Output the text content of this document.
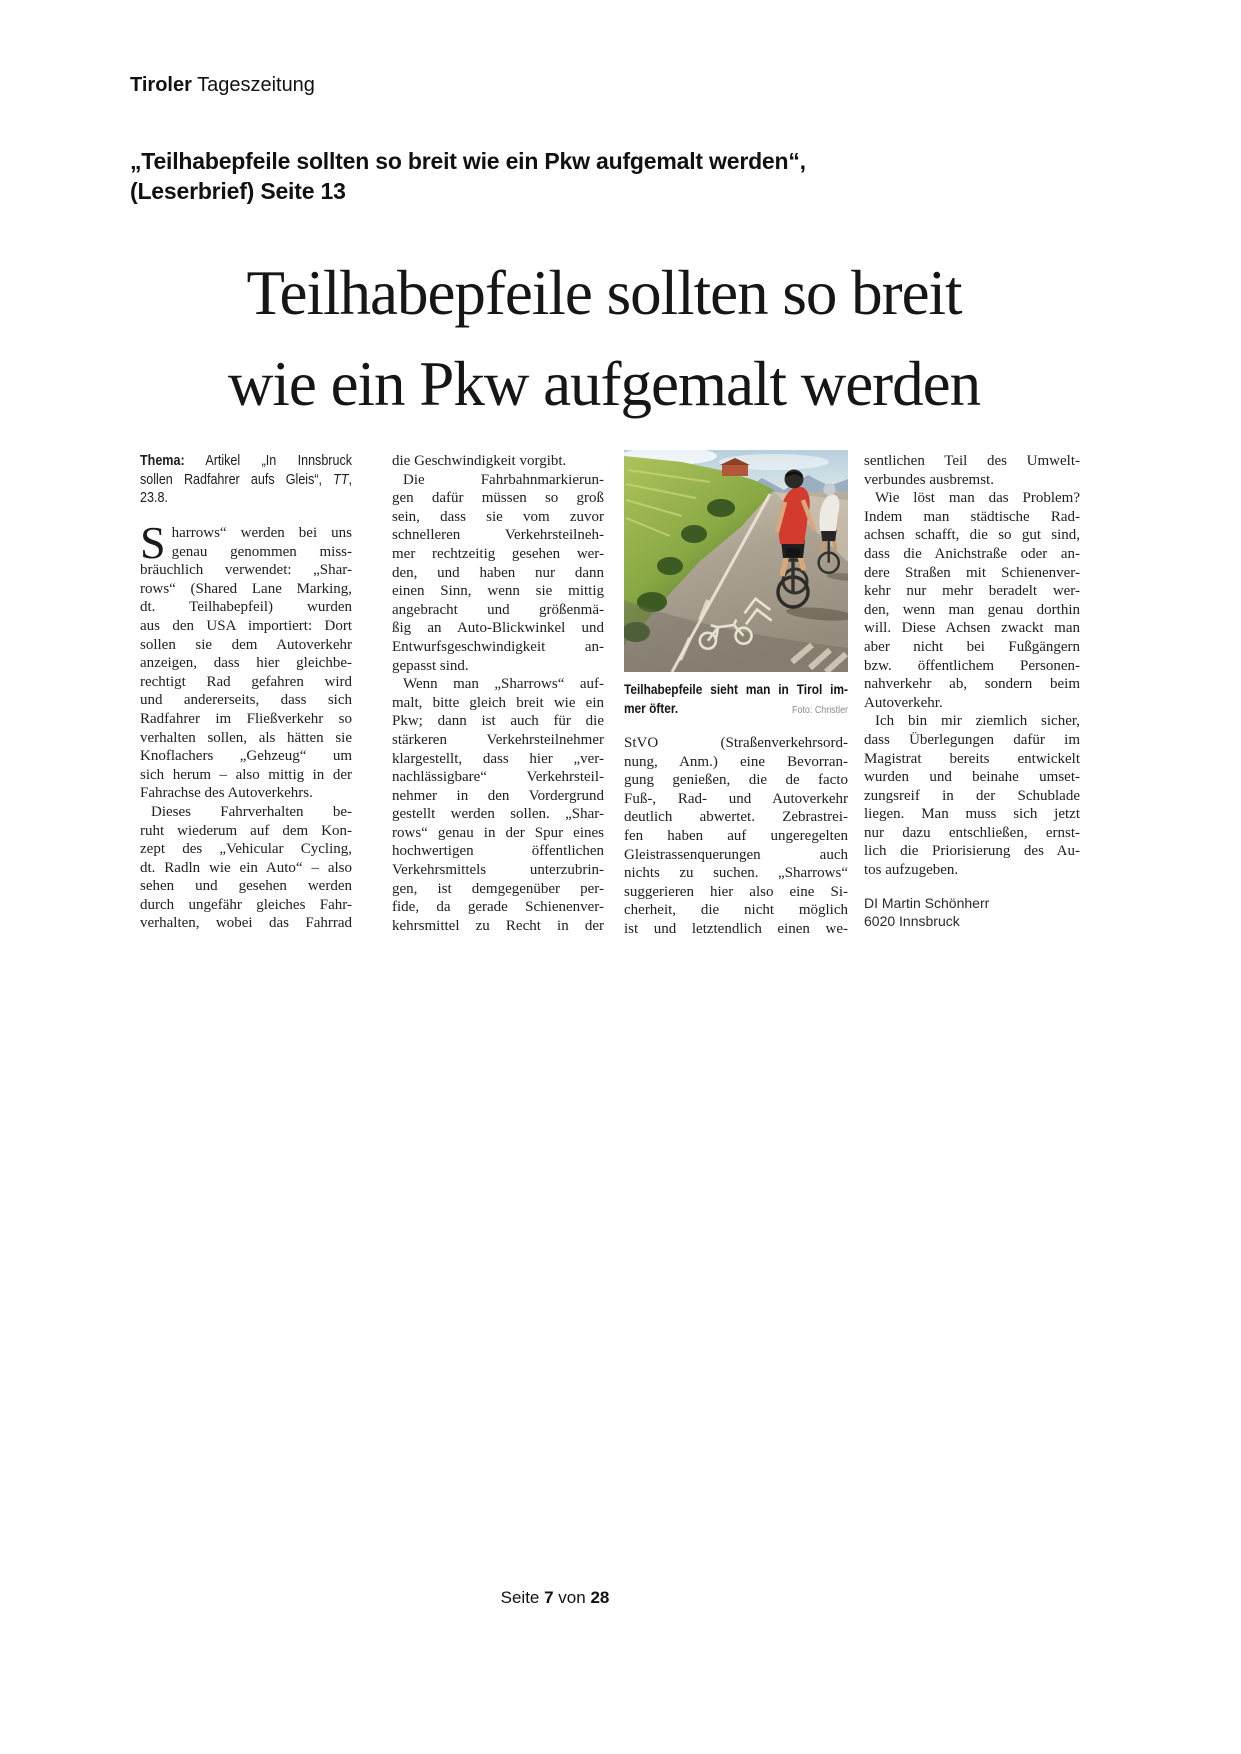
Tiroler Tageszeitung
„Teilhabepfeile sollten so breit wie ein Pkw aufgemalt werden“,
(Leserbrief) Seite 13
Teilhabepfeile sollten so breit
wie ein Pkw aufgemalt werden
Thema: Artikel „In Innsbruck
sollen Radfahrer aufs Gleis“, TT,
23.8.
S harrows“ werden bei uns
genau genommen miss-
bräuchlich verwendet: „Shar-
rows“ (Shared Lane Marking,
dt. Teilhabepfeil) wurden
aus den USA importiert: Dort
sollen sie dem Autoverkehr
anzeigen, dass hier gleichbe-
rechtigt Rad gefahren wird
und andererseits, dass sich
Radfahrer im Fließverkehr so
verhalten sollen, als hätten sie
Knoflachers „Gehzeug“ um
sich herum – also mittig in der
Fahrachse des Autoverkehrs.
Dieses Fahrverhalten be-
ruht wiederum auf dem Kon-
zept des „Vehicular Cycling,
dt. Radln wie ein Auto“ – also
sehen und gesehen werden
durch ungefähr gleiches Fahr-
verhalten, wobei das Fahrrad
die Geschwindigkeit vorgibt.
Die Fahrbahnmarkierun-
gen dafür müssen so groß
sein, dass sie vom zuvor
schnelleren Verkehrsteilneh-
mer rechtzeitig gesehen wer-
den, und haben nur dann
einen Sinn, wenn sie mittig
angebracht und größenmä-
ßig an Auto-Blickwinkel und
Entwurfsgeschwindigkeit an-
gepasst sind.
Wenn man „Sharrows“ auf-
malt, bitte gleich breit wie ein
Pkw; dann ist auch für die
stärkeren Verkehrsteilnehmer
klargestellt, dass hier „ver-
nachlässigbare“ Verkehrsteil-
nehmer in den Vordergrund
gestellt werden sollen. „Shar-
rows“ genau in der Spur eines
hochwertigen öffentlichen
Verkehrsmittels unterzubrin-
gen, ist demgegenüber per-
fide, da gerade Schienenver-
kehrsmittel zu Recht in der
Teilhabepfeile sieht man in Tirol im-
mer öfter.	Foto: Christler
StVO (Straßenverkehrsord-
nung, Anm.) eine Bevorran-
gung genießen, die de facto
Fuß-, Rad- und Autoverkehr
deutlich abwertet. Zebrastrei-
fen haben auf ungeregelten
Gleistrassenquerungen auch
nichts zu suchen. „Sharrows“
suggerieren hier also eine Si-
cherheit, die nicht möglich
ist und letztendlich einen we-
sentlichen Teil des Umwelt-
verbundes ausbremst.
Wie löst man das Problem?
Indem man städtische Rad-
achsen schafft, die so gut sind,
dass die Anichstraße oder an-
dere Straßen mit Schienenver-
kehr nur mehr beradelt wer-
den, wenn man genau dorthin
will. Diese Achsen zwackt man
aber nicht bei Fußgängern
bzw. öffentlichem Personen-
nahverkehr ab, sondern beim
Autoverkehr.
Ich bin mir ziemlich sicher,
dass Überlegungen dafür im
Magistrat bereits entwickelt
wurden und beinahe umset-
zungsreif in der Schublade
liegen. Man muss sich jetzt
nur dazu entschließen, ernst-
lich die Priorisierung des Au-
tos aufzugeben.
DI Martin Schönherr
6020 Innsbruck
Seite 7 von 28
